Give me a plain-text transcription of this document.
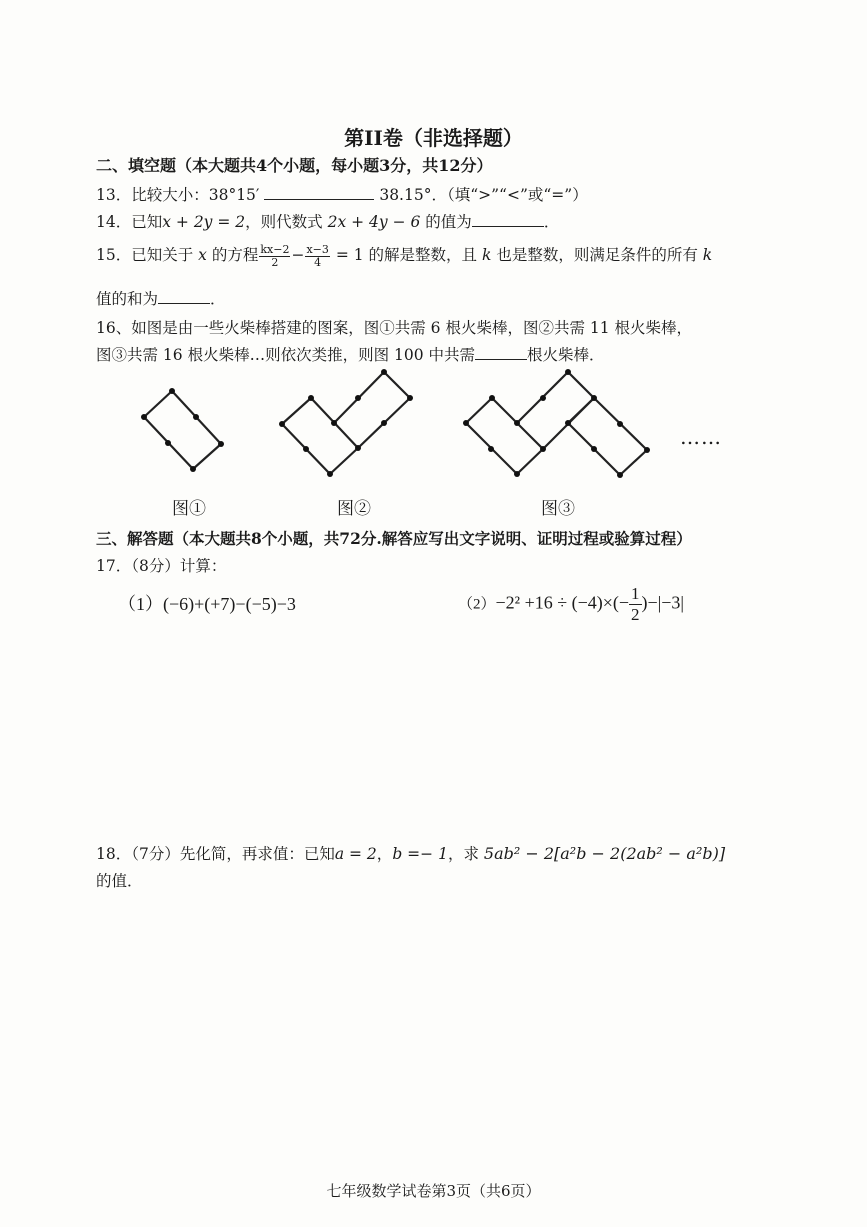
第II卷（非选择题）
二、填空题（本大题共4个小题，每小题3分，共12分）
13．比较大小：38°15′	38.15°．（填“>”“<”或“=”）
14．已知x + 2y = 2，则代数式 2x + 4y − 6 的值为	．
15．已知关于 x 的方程 $\frac{kx-2}{2} - \frac{x-3}{4} = 1$ 的解是整数，且 k 也是整数，则满足条件的所有 k
值的和为	．
16、如图是由一些火柴棒搭建的图案，图①共需 6 根火柴棒，图②共需 11 根火柴棒，
图③共需 16 根火柴棒…则依次类推，则图 100 中共需	根火柴棒．
……
图①	图②	图③
三、解答题（本大题共8个小题，共72分.解答应写出文字说明、证明过程或验算过程）
17．（8分）计算：
（1）(−6)+(+7)−(−5)−3	$(2)-2^2 +16 \div (-4)\times(- \frac{1}{2} )-|-3|$
18．（7分）先化简，再求值：已知a = 2，b =− 1，求 5ab² − 2[a²b − 2(2ab² − a²b)]
的值．
七年级数学试卷第3页（共6页）
